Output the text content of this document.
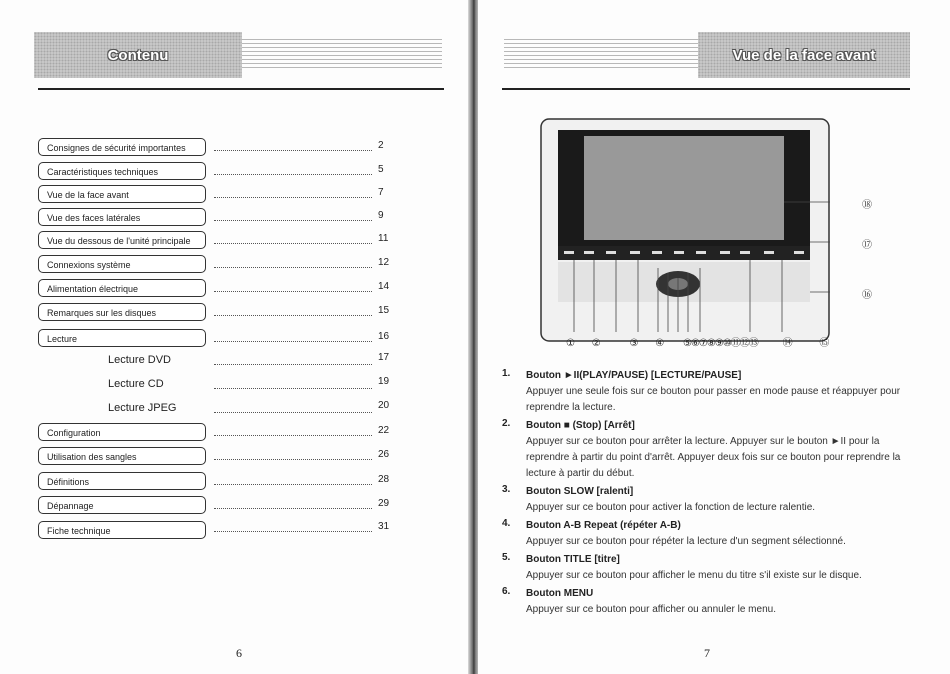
Contenu
Consignes de sécurité importantes	2
Caractéristiques techniques	5
Vue de la face avant	7
Vue des faces latérales	9
Vue du dessous de l'unité principale	11
Connexions système	12
Alimentation électrique	14
Remarques sur les disques	15
Lecture	16
Lecture DVD	17
Lecture CD	19
Lecture JPEG	20
Configuration	22
Utilisation des sangles	26
Définitions	28
Dépannage	29
Fiche technique	31
6
Vue de la face avant
① ②	③ ④ ⑤⑥⑦⑧⑨⑩⑪⑫⑬ ⑭	⑮
⑱
⑰
⑯
1. Bouton ►II(PLAY/PAUSE) [LECTURE/PAUSE]
Appuyer une seule fois sur ce bouton pour passer en mode pause et réappuyer pour reprendre la lecture.
2. Bouton ■ (Stop) [Arrêt]
Appuyer sur ce bouton pour arrêter la lecture. Appuyer sur le bouton ►II pour la reprendre à partir du point d'arrêt. Appuyer deux fois sur ce bouton pour reprendre la lecture à partir du début.
3. Bouton SLOW [ralenti]
Appuyer sur ce bouton pour activer la fonction de lecture ralentie.
4. Bouton A-B Repeat (répéter A-B)
Appuyer sur ce bouton pour répéter la lecture d'un segment sélectionné.
5. Bouton TITLE [titre]
Appuyer sur ce bouton pour afficher le menu du titre s'il existe sur le disque.
6. Bouton MENU
Appuyer sur ce bouton pour afficher ou annuler le menu.
7
